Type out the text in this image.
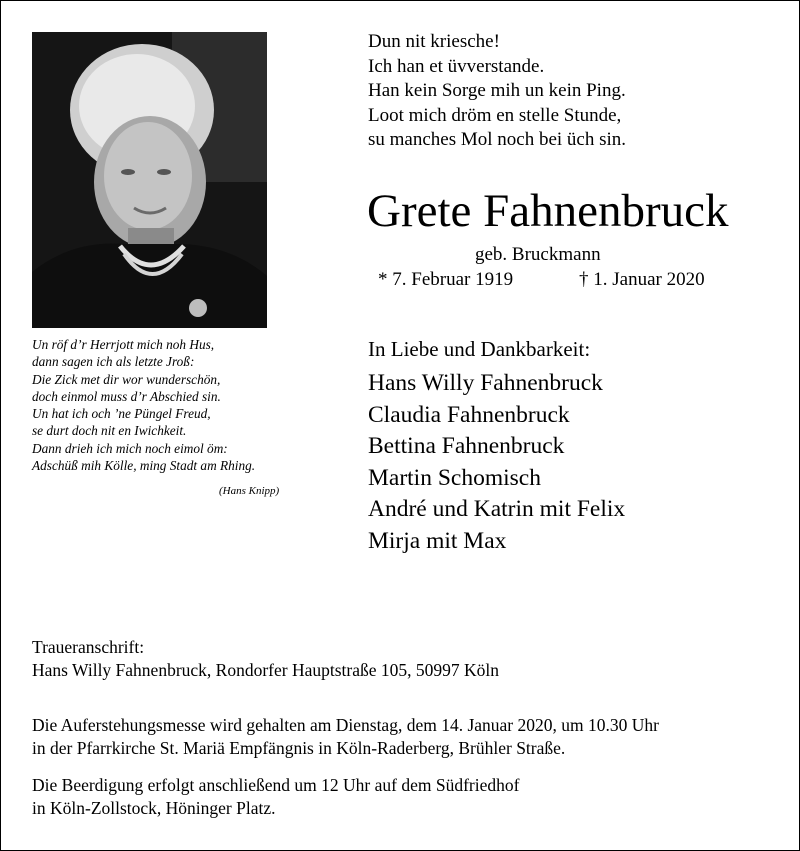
Dun nit kriesche!
Ich han et üvverstande.
Han kein Sorge mih un kein Ping.
Loot mich dröm en stelle Stunde,
su manches Mol noch bei üch sin.
Grete Fahnenbruck
geb. Bruckmann
* 7. Februar 1919	† 1. Januar 2020
Un röf d’r Herrjott mich noh Hus,
dann sagen ich als letzte Jroß:
Die Zick met dir wor wunderschön,
doch einmol muss d’r Abschied sin.
Un hat ich och ’ne Püngel Freud,
se durt doch nit en Iwichkeit.
Dann drieh ich mich noch eimol öm:
Adschüß mih Kölle, ming Stadt am Rhing.
(Hans Knipp)
In Liebe und Dankbarkeit:
Hans Willy Fahnenbruck
Claudia Fahnenbruck
Bettina Fahnenbruck
Martin Schomisch
André und Katrin mit Felix
Mirja mit Max
Traueranschrift:
Hans Willy Fahnenbruck, Rondorfer Hauptstraße 105, 50997 Köln
Die Auferstehungsmesse wird gehalten am Dienstag, dem 14. Januar 2020, um 10.30 Uhr
in der Pfarrkirche St. Mariä Empfängnis in Köln-Raderberg, Brühler Straße.
Die Beerdigung erfolgt anschließend um 12 Uhr auf dem Südfriedhof
in Köln-Zollstock, Höninger Platz.
